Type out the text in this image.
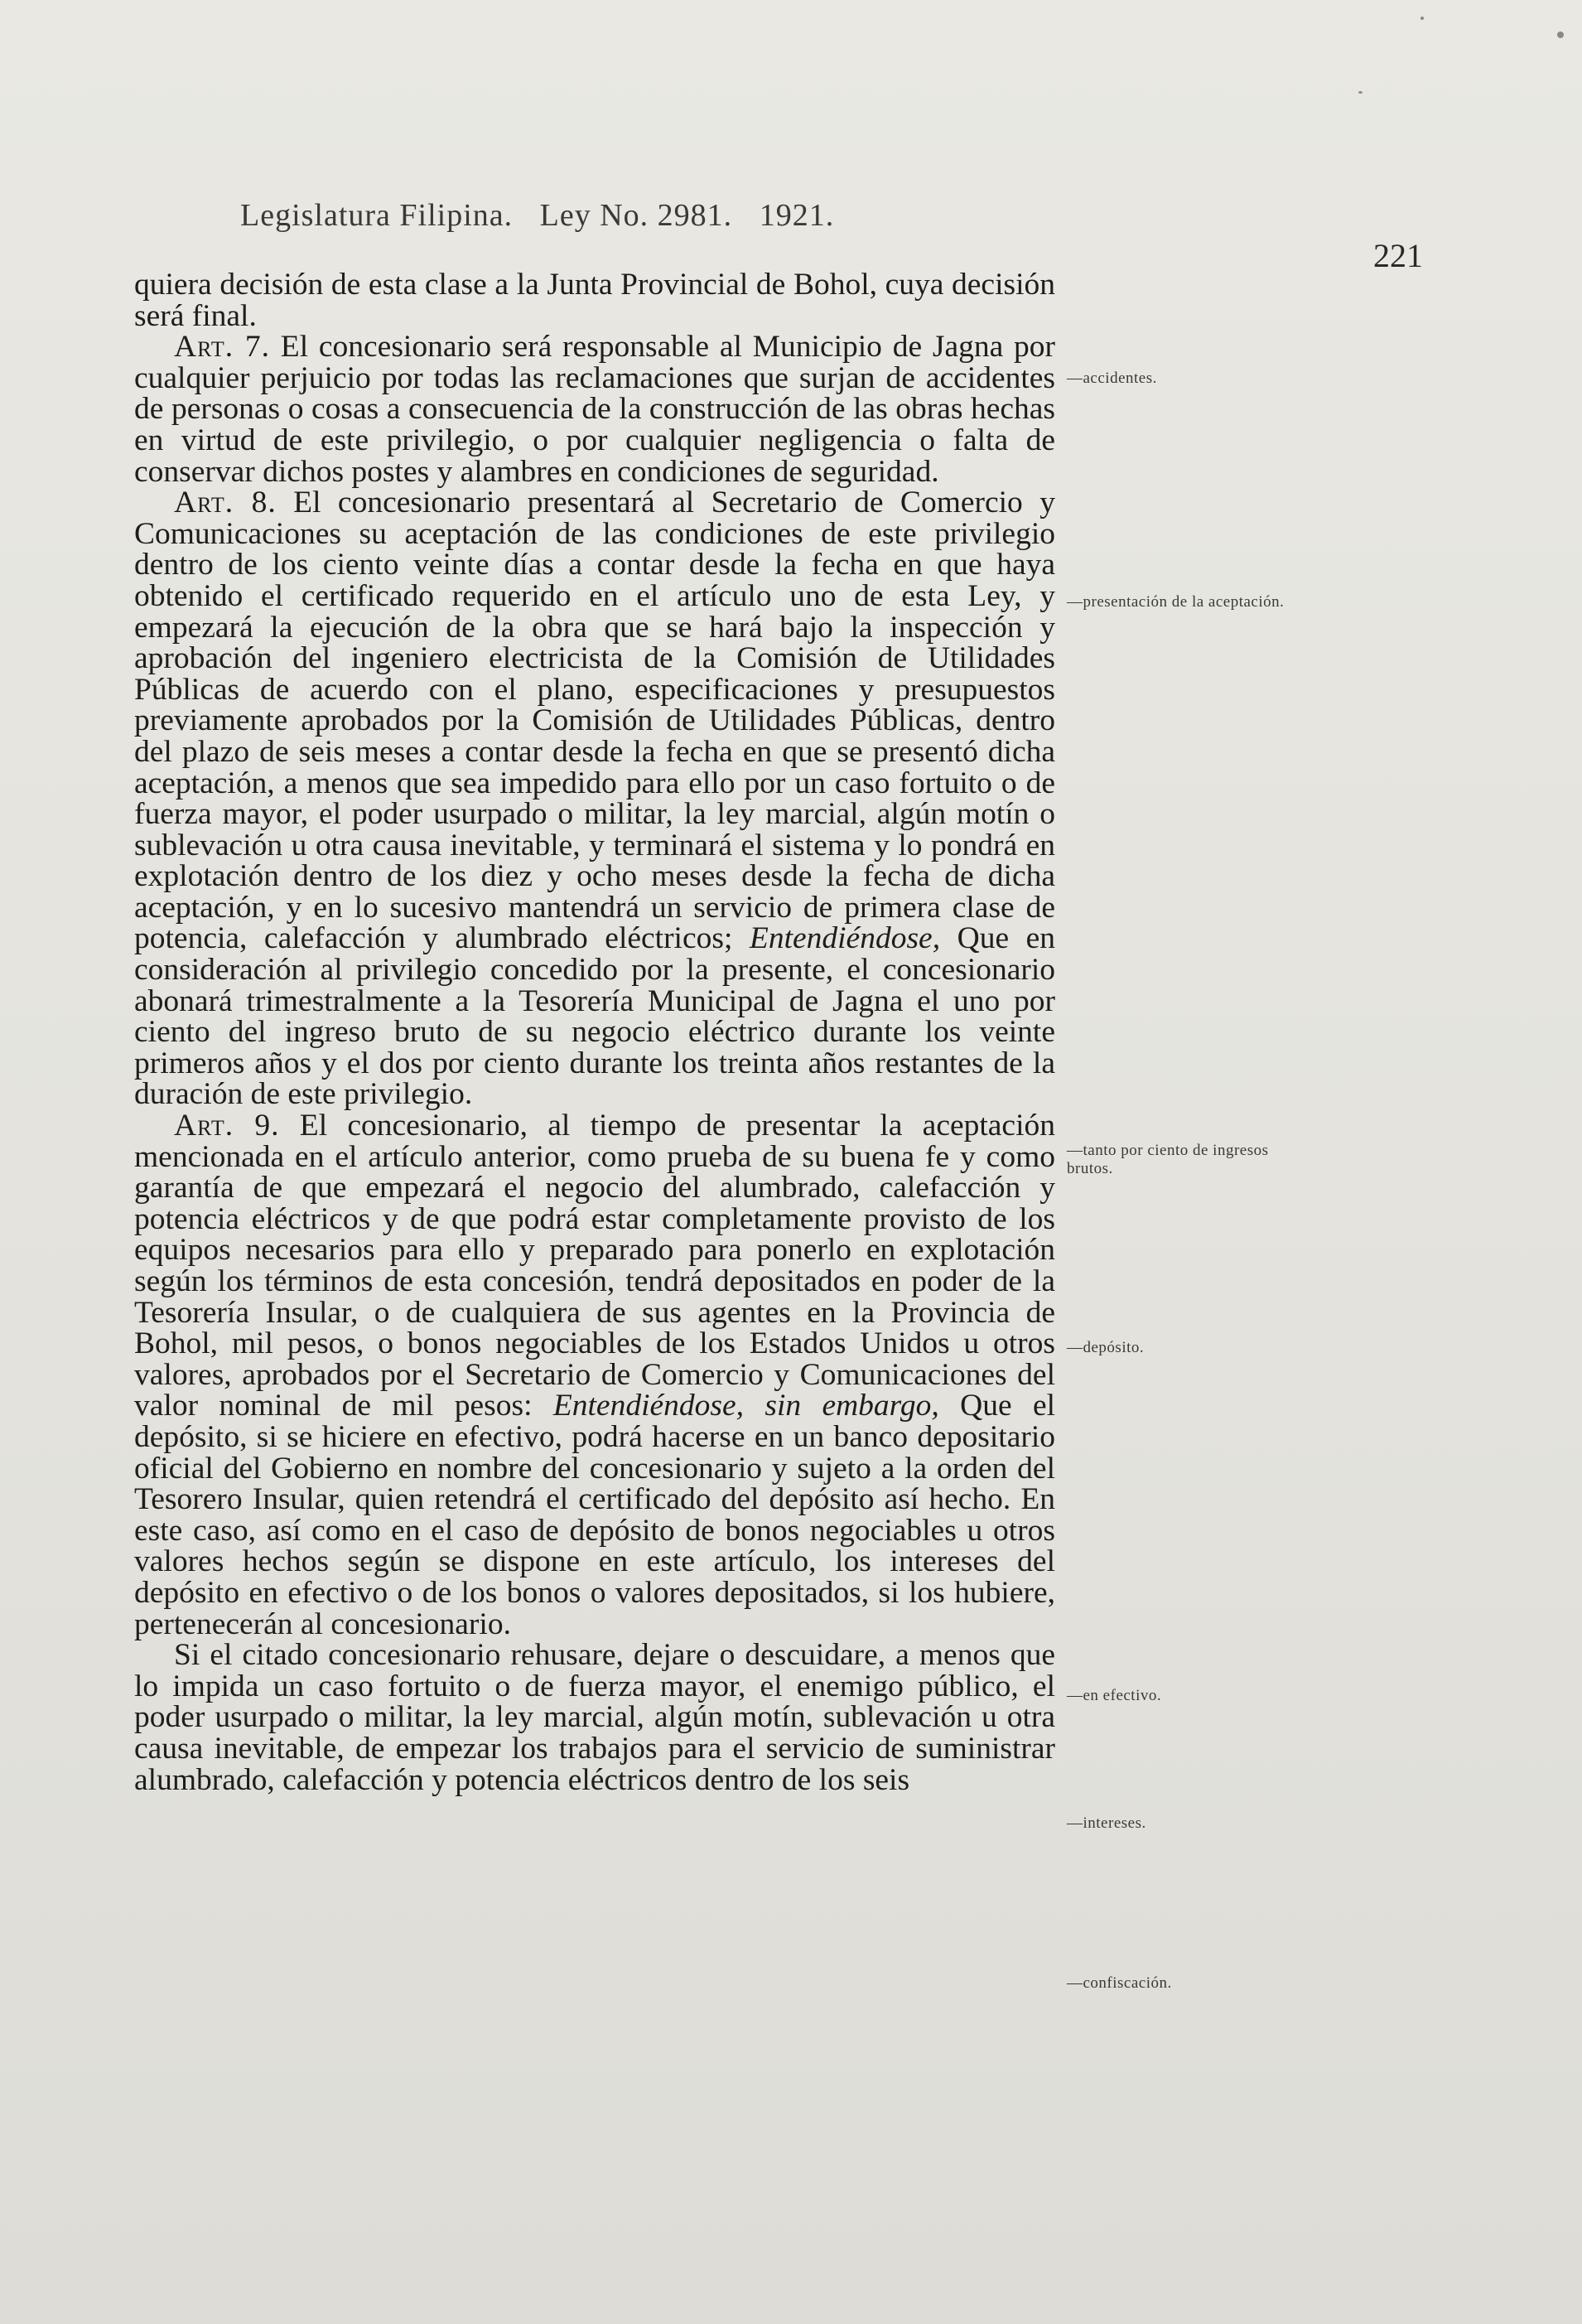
Legislatura Filipina. Ley No. 2981. 1921.
221

quiera decisión de esta clase a la Junta Provincial de Bohol, cuya decisión será final.

Art. 7. El concesionario será responsable al Municipio de Jagna por cualquier perjuicio por todas las reclamaciones que surjan de accidentes de personas o cosas a consecuencia de la construcción de las obras hechas en virtud de este privilegio, o por cualquier negligencia o falta de conservar dichos postes y alambres en condiciones de seguridad.

Art. 8. El concesionario presentará al Secretario de Comercio y Comunicaciones su aceptación de las condiciones de este privilegio dentro de los ciento veinte días a contar desde la fecha en que haya obtenido el certificado requerido en el artículo uno de esta Ley, y empezará la ejecución de la obra que se hará bajo la inspección y aprobación del ingeniero electricista de la Comisión de Utilidades Públicas de acuerdo con el plano, especificaciones y presupuestos previamente aprobados por la Comisión de Utilidades Públicas, dentro del plazo de seis meses a contar desde la fecha en que se presentó dicha aceptación, a menos que sea impedido para ello por un caso fortuito o de fuerza mayor, el poder usurpado o militar, la ley marcial, algún motín o sublevación u otra causa inevitable, y terminará el sistema y lo pondrá en explotación dentro de los diez y ocho meses desde la fecha de dicha aceptación, y en lo sucesivo mantendrá un servicio de primera clase de potencia, calefacción y alumbrado eléctricos; Entendiéndose, Que en consideración al privilegio concedido por la presente, el concesionario abonará trimestralmente a la Tesorería Municipal de Jagna el uno por ciento del ingreso bruto de su negocio eléctrico durante los veinte primeros años y el dos por ciento durante los treinta años restantes de la duración de este privilegio.

Art. 9. El concesionario, al tiempo de presentar la aceptación mencionada en el artículo anterior, como prueba de su buena fe y como garantía de que empezará el negocio del alumbrado, calefacción y potencia eléctricos y de que podrá estar completamente provisto de los equipos necesarios para ello y preparado para ponerlo en explotación según los términos de esta concesión, tendrá depositados en poder de la Tesorería Insular, o de cualquiera de sus agentes en la Provincia de Bohol, mil pesos, o bonos negociables de los Estados Unidos u otros valores, aprobados por el Secretario de Comercio y Comunicaciones del valor nominal de mil pesos: Entendiéndose, sin embargo, Que el depósito, si se hiciere en efectivo, podrá hacerse en un banco depositario oficial del Gobierno en nombre del concesionario y sujeto a la orden del Tesorero Insular, quien retendrá el certificado del depósito así hecho. En este caso, así como en el caso de depósito de bonos negociables u otros valores hechos según se dispone en este artículo, los intereses del depósito en efectivo o de los bonos o valores depositados, si los hubiere, pertenecerán al concesionario.

Si el citado concesionario rehusare, dejare o descuidare, a menos que lo impida un caso fortuito o de fuerza mayor, el enemigo público, el poder usurpado o militar, la ley marcial, algún motín, sublevación u otra causa inevitable, de empezar los trabajos para el servicio de suministrar alumbrado, calefacción y potencia eléctricos dentro de los seis

—accidentes.
—presentación de la aceptación.
—tanto por ciento de ingresos brutos.
—depósito.
—en efectivo.
—intereses.
—confiscación.
